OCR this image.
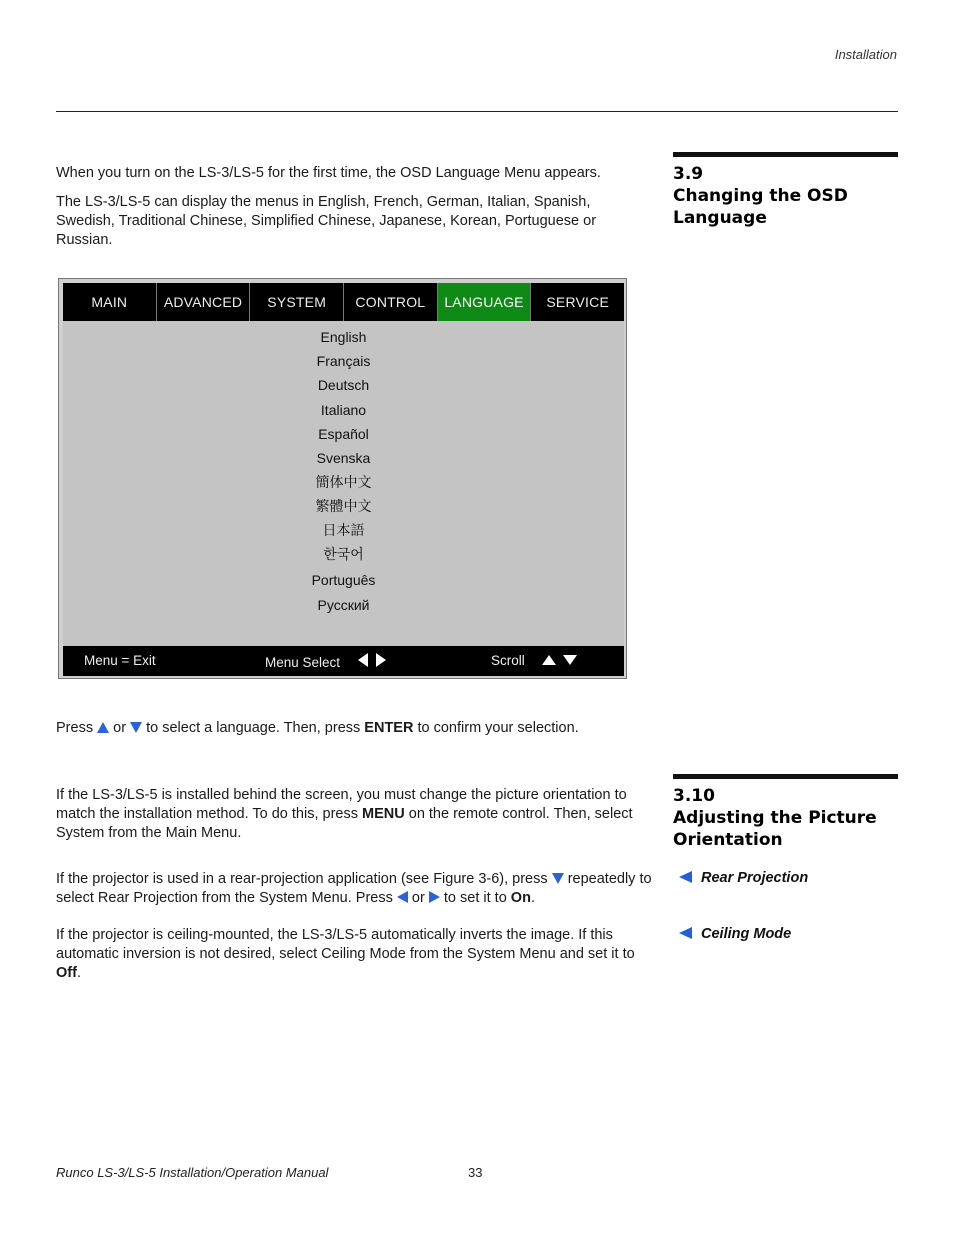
Installation
3.9
Changing the OSD
Language
When you turn on the LS-3/LS-5 for the first time, the OSD Language Menu appears.
The LS-3/LS-5 can display the menus in English, French, German, Italian, Spanish, Swedish, Traditional Chinese, Simplified Chinese, Japanese, Korean, Portuguese or Russian.
MAIN	ADVANCED	SYSTEM	CONTROL	LANGUAGE	SERVICE
English
Français
Deutsch
Italiano
Español
Svenska
簡体中文
繁體中文
日本語
한국어
Português
Русский
Menu = Exit	Menu Select	Scroll
Press or to select a language. Then, press ENTER to confirm your selection.
3.10
Adjusting the Picture
Orientation
If the LS-3/LS-5 is installed behind the screen, you must change the picture orientation to match the installation method. To do this, press MENU on the remote control. Then, select System from the Main Menu.
Rear Projection
If the projector is used in a rear-projection application (see Figure 3-6), press repeatedly to select Rear Projection from the System Menu. Press or to set it to On.
Ceiling Mode
If the projector is ceiling-mounted, the LS-3/LS-5 automatically inverts the image. If this automatic inversion is not desired, select Ceiling Mode from the System Menu and set it to Off.
Runco LS-3/LS-5 Installation/Operation Manual	33
